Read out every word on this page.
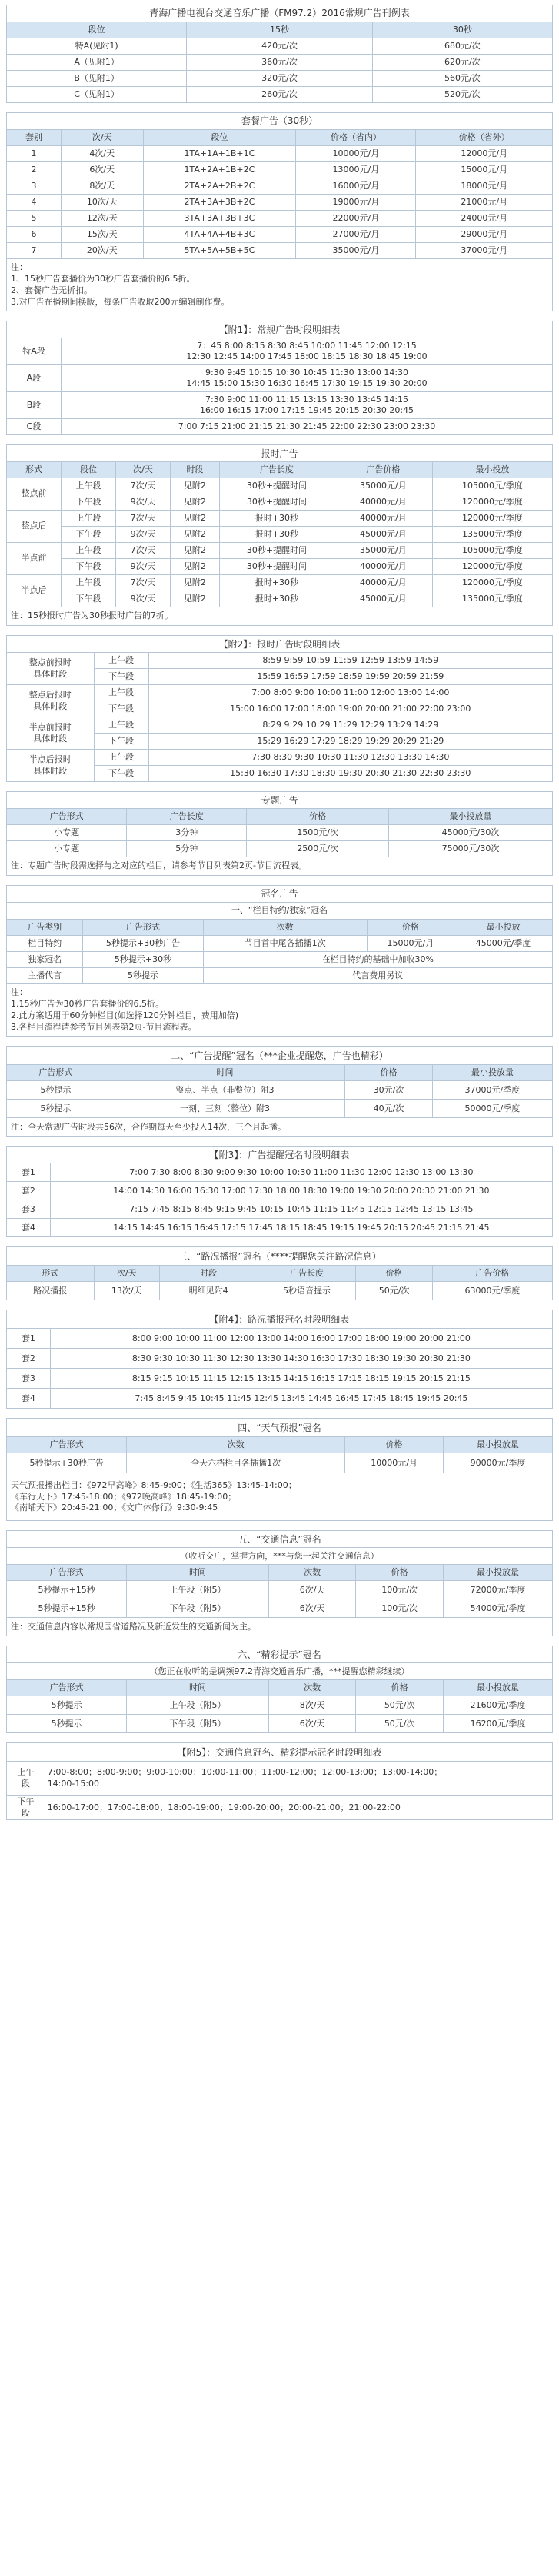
青海广播电视台交通音乐广播（FM97.2）2016常规广告刊例表		
段位	15秒	30秒
特A(见附1)	420元/次	680元/次
A（见附1）	360元/次	620元/次
B（见附1）	320元/次	560元/次
C（见附1）	260元/次	520元/次
套餐广告（30秒）				
套别	次/天	段位	价格（省内）	价格（省外）
1	4次/天	1TA+1A+1B+1C	10000元/月	12000元/月
2	6次/天	1TA+2A+1B+2C	13000元/月	15000元/月
3	8次/天	2TA+2A+2B+2C	16000元/月	18000元/月
4	10次/天	2TA+3A+3B+2C	19000元/月	21000元/月
5	12次/天	3TA+3A+3B+3C	22000元/月	24000元/月
6	15次/天	4TA+4A+4B+3C	27000元/月	29000元/月
7	20次/天	5TA+5A+5B+5C	35000元/月	37000元/月
注：
1、15秒广告套播价为30秒广告套播价的6.5折。
2、套餐广告无折扣。
3.对广告在播期间换版，每条广告收取200元编辑制作费。				
【附1】：常规广告时段明细表	
特A段	7：45 8:00 8:15 8:30 8:45 10:00 11:45 12:00 12:15
12:30 12:45 14:00 17:45 18:00 18:15 18:30 18:45 19:00
A段	9:30 9:45 10:15 10:30 10:45 11:30 13:00 14:30
14:45 15:00 15:30 16:30 16:45 17:30 19:15 19:30 20:00
B段	7:30 9:00 11:00 11:15 13:15 13:30 13:45 14:15
16:00 16:15 17:00 17:15 19:45 20:15 20:30 20:45
C段	7:00 7:15 21:00 21:15 21:30 21:45 22:00 22:30 23:00 23:30
报时广告						
形式	段位	次/天	时段	广告长度	广告价格	最小投放
整点前	上午段	7次/天	见附2	30秒+提醒时间	35000元/月	105000元/季度
	下午段	9次/天	见附2	30秒+提醒时间	40000元/月	120000元/季度
整点后	上午段	7次/天	见附2	报时+30秒	40000元/月	120000元/季度
	下午段	9次/天	见附2	报时+30秒	45000元/月	135000元/季度
半点前	上午段	7次/天	见附2	30秒+提醒时间	35000元/月	105000元/季度
	下午段	9次/天	见附2	30秒+提醒时间	40000元/月	120000元/季度
半点后	上午段	7次/天	见附2	报时+30秒	40000元/月	120000元/季度
	下午段	9次/天	见附2	报时+30秒	45000元/月	135000元/季度
注：15秒报时广告为30秒报时广告的7折。						
【附2】：报时广告时段明细表		
整点前报时
具体时段	上午段	8:59 9:59 10:59 11:59 12:59 13:59 14:59
	下午段	15:59 16:59 17:59 18:59 19:59 20:59 21:59
整点后报时
具体时段	上午段	7:00 8:00 9:00 10:00 11:00 12:00 13:00 14:00
	下午段	15:00 16:00 17:00 18:00 19:00 20:00 21:00 22:00 23:00
半点前报时
具体时段	上午段	8:29 9:29 10:29 11:29 12:29 13:29 14:29
	下午段	15:29 16:29 17:29 18:29 19:29 20:29 21:29
半点后报时
具体时段	上午段	7:30 8:30 9:30 10:30 11:30 12:30 13:30 14:30
	下午段	15:30 16:30 17:30 18:30 19:30 20:30 21:30 22:30 23:30
专题广告			
广告形式	广告长度	价格	最小投放量
小专题	3分钟	1500元/次	45000元/30次
小专题	5分钟	2500元/次	75000元/30次
注：专题广告时段需选择与之对应的栏目，请参考节目列表第2页-节目流程表。			
冠名广告				
一、“栏目特约/独家”冠名				
广告类别	广告形式	次数	价格	最小投放
栏目特约	5秒提示+30秒广告	节目首中尾各插播1次	15000元/月	45000元/季度
独家冠名	5秒提示+30秒	在栏目特约的基础中加收30%		
主播代言	5秒提示	代言费用另议		
注：
1.15秒广告为30秒广告套播价的6.5折。
2.此方案适用于60分钟栏目(如选择120分钟栏目，费用加倍)
3.各栏目流程请参考节目列表第2页-节目流程表。				
二、“广告提醒”冠名（***企业提醒您，广告也精彩）			
广告形式	时间	价格	最小投放量
5秒提示	整点、半点（非整位）附3	30元/次	37000元/季度
5秒提示	一刻、三刻（整位）附3	40元/次	50000元/季度
注：全天常规广告时段共56次，合作期每天至少投入14次，三个月起播。			
【附3】：广告提醒冠名时段明细表	
套1	7:00 7:30 8:00 8:30 9:00 9:30 10:00 10:30 11:00 11:30 12:00 12:30 13:00 13:30
套2	14:00 14:30 16:00 16:30 17:00 17:30 18:00 18:30 19:00 19:30 20:00 20:30 21:00 21:30
套3	7:15 7:45 8:15 8:45 9:15 9:45 10:15 10:45 11:15 11:45 12:15 12:45 13:15 13:45
套4	14:15 14:45 16:15 16:45 17:15 17:45 18:15 18:45 19:15 19:45 20:15 20:45 21:15 21:45
三、“路况播报”冠名（****提醒您关注路况信息）					
形式	次/天	时段	广告长度	价格	广告价格
路况播报	13次/天	明细见附4	5秒语音提示	50元/次	63000元/季度
【附4】：路况播报冠名时段明细表	
套1	8:00 9:00 10:00 11:00 12:00 13:00 14:00 16:00 17:00 18:00 19:00 20:00 21:00
套2	8:30 9:30 10:30 11:30 12:30 13:30 14:30 16:30 17:30 18:30 19:30 20:30 21:30
套3	8:15 9:15 10:15 11:15 12:15 13:15 14:15 16:15 17:15 18:15 19:15 20:15 21:15
套4	7:45 8:45 9:45 10:45 11:45 12:45 13:45 14:45 16:45 17:45 18:45 19:45 20:45
四、“天气预报”冠名			
广告形式	次数	价格	最小投放量
5秒提示+30秒广告	全天六档栏目各插播1次	10000元/月	90000元/季度
天气预报播出栏目：《972早高峰》8:45-9:00；《生活365》13:45-14:00；
《车行天下》17:45-18:00；《972晚高峰》18:45-19:00；
《南埔天下》20:45-21:00；《文广体你行》9:30-9:45			
五、“交通信息”冠名				
（收听交广，掌握方向，***与您一起关注交通信息）				
广告形式	时间	次数	价格	最小投放量
5秒提示+15秒	上午段（附5）	6次/天	100元/次	72000元/季度
5秒提示+15秒	下午段（附5）	6次/天	100元/次	54000元/季度
注：交通信息内容以常规国省道路况及新近发生的交通新闻为主。				
六、“精彩提示”冠名				
（您正在收听的是调频97.2青海交通音乐广播，***提醒您精彩继续）				
广告形式	时间	次数	价格	最小投放量
5秒提示	上午段（附5）	8次/天	50元/次	21600元/季度
5秒提示	下午段（附5）	6次/天	50元/次	16200元/季度
【附5】：交通信息冠名、精彩提示冠名时段明细表	
上午
段	7:00-8:00；8:00-9:00；9:00-10:00；10:00-11:00；11:00-12:00；12:00-13:00；13:00-14:00；
14:00-15:00
下午
段	16:00-17:00；17:00-18:00；18:00-19:00；19:00-20:00；20:00-21:00；21:00-22:00
